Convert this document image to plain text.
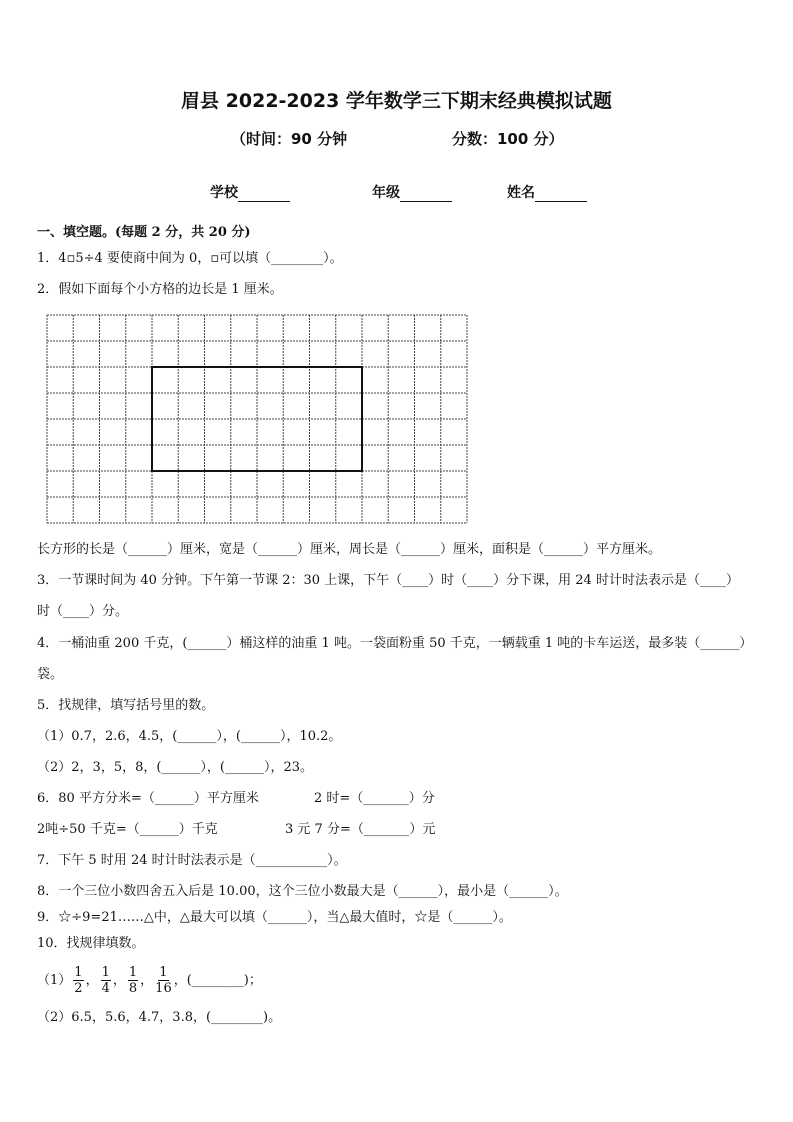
眉县 2022-2023 学年数学三下期末经典模拟试题
（时间：90 分钟	分数：100 分）
学校	年级	姓名
一、填空题。(每题 2 分，共 20 分)
1．4▫5÷4 要使商中间为 0，▫可以填（________）。
2．假如下面每个小方格的边长是 1 厘米。
长方形的长是（______）厘米，宽是（______）厘米，周长是（______）厘米，面积是（______）平方厘米。
3．一节课时间为 40 分钟。下午第一节课 2：30 上课，下午（____）时（____）分下课，用 24 时计时法表示是（____）
时（____）分。
4．一桶油重 200 千克，(______）桶这样的油重 1 吨。一袋面粉重 50 千克，一辆载重 1 吨的卡车运送，最多装（______）
袋。
5．找规律，填写括号里的数。
（1）0.7，2.6，4.5，(______），(______），10.2。
（2）2，3，5，8，(______），(______），23。
6．80 平方分米=（______）平方厘米	2 时=（_______）分
2吨÷50 千克=（______）千克	3 元 7 分=（_______）元
7．下午 5 时用 24 时计时法表示是（___________）。
8．一个三位小数四舍五入后是 10.00，这个三位小数最大是（______），最小是（______）。
9．☆÷9=21……△中，△最大可以填（______），当△最大值时，☆是（______）。
10．找规律填数。
$(1) \frac{1}{2}$ ， $\frac{1}{4}$ ， $\frac{1}{8}$ ， $\frac{1}{16}$ ，(________)；
（2）6.5，5.6，4.7，3.8，(________)。
